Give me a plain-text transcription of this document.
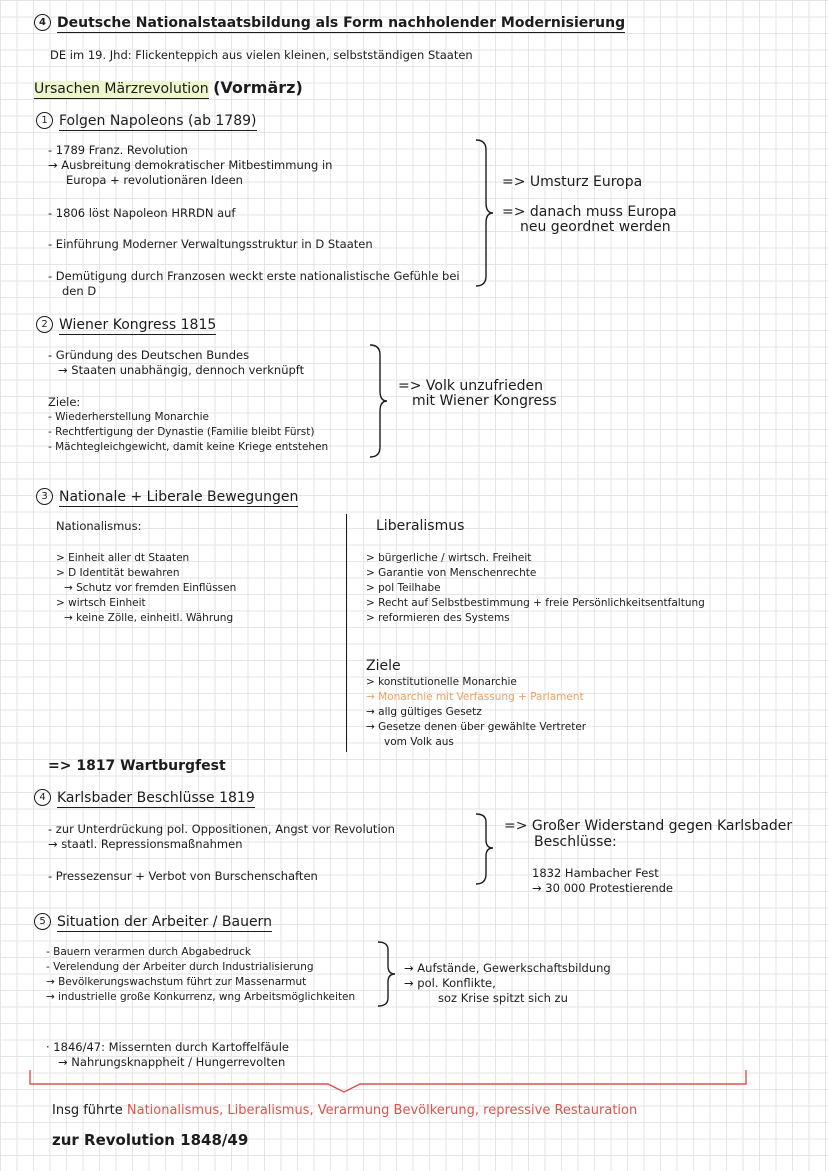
4 Deutsche Nationalstaatsbildung als Form nachholender Modernisierung
DE im 19. Jhd: Flickenteppich aus vielen kleinen, selbstständigen Staaten
Ursachen Märzrevolution (Vormärz)
1 Folgen Napoleons (ab 1789)
- 1789 Franz. Revolution
→ Ausbreitung demokratischer Mitbestimmung in
Europa + revolutionären Ideen
- 1806 löst Napoleon HRRDN auf
- Einführung Moderner Verwaltungsstruktur in D Staaten
- Demütigung durch Franzosen weckt erste nationalistische Gefühle bei
den D
=> Umsturz Europa
=> danach muss Europa
neu geordnet werden
2 Wiener Kongress 1815
- Gründung des Deutschen Bundes
→ Staaten unabhängig, dennoch verknüpft
Ziele:
- Wiederherstellung Monarchie
- Rechtfertigung der Dynastie (Familie bleibt Fürst)
- Mächtegleichgewicht, damit keine Kriege entstehen
=> Volk unzufrieden
mit Wiener Kongress
3 Nationale + Liberale Bewegungen
Nationalismus:
> Einheit aller dt Staaten
> D Identität bewahren
→ Schutz vor fremden Einflüssen
> wirtsch Einheit
→ keine Zölle, einheitl. Währung
Liberalismus
> bürgerliche / wirtsch. Freiheit
> Garantie von Menschenrechte
> pol Teilhabe
> Recht auf Selbstbestimmung + freie Persönlichkeitsentfaltung
> reformieren des Systems
Ziele
> konstitutionelle Monarchie
→ Monarchie mit Verfassung + Parlament
→ allg gültiges Gesetz
→ Gesetze denen über gewählte Vertreter
vom Volk aus
=> 1817 Wartburgfest
4 Karlsbader Beschlüsse 1819
- zur Unterdrückung pol. Oppositionen, Angst vor Revolution
→ staatl. Repressionsmaßnahmen
- Pressezensur + Verbot von Burschenschaften
=> Großer Widerstand gegen Karlsbader
Beschlüsse:
1832 Hambacher Fest
→ 30 000 Protestierende
5 Situation der Arbeiter / Bauern
- Bauern verarmen durch Abgabedruck
- Verelendung der Arbeiter durch Industrialisierung
→ Bevölkerungswachstum führt zur Massenarmut
→ industrielle große Konkurrenz, wng Arbeitsmöglichkeiten
→ Aufstände, Gewerkschaftsbildung
→ pol. Konflikte,
soz Krise spitzt sich zu
· 1846/47: Missernten durch Kartoffelfäule
→ Nahrungsknappheit / Hungerrevolten
Insg führte Nationalismus, Liberalismus, Verarmung Bevölkerung, repressive Restauration
zur Revolution 1848/49
